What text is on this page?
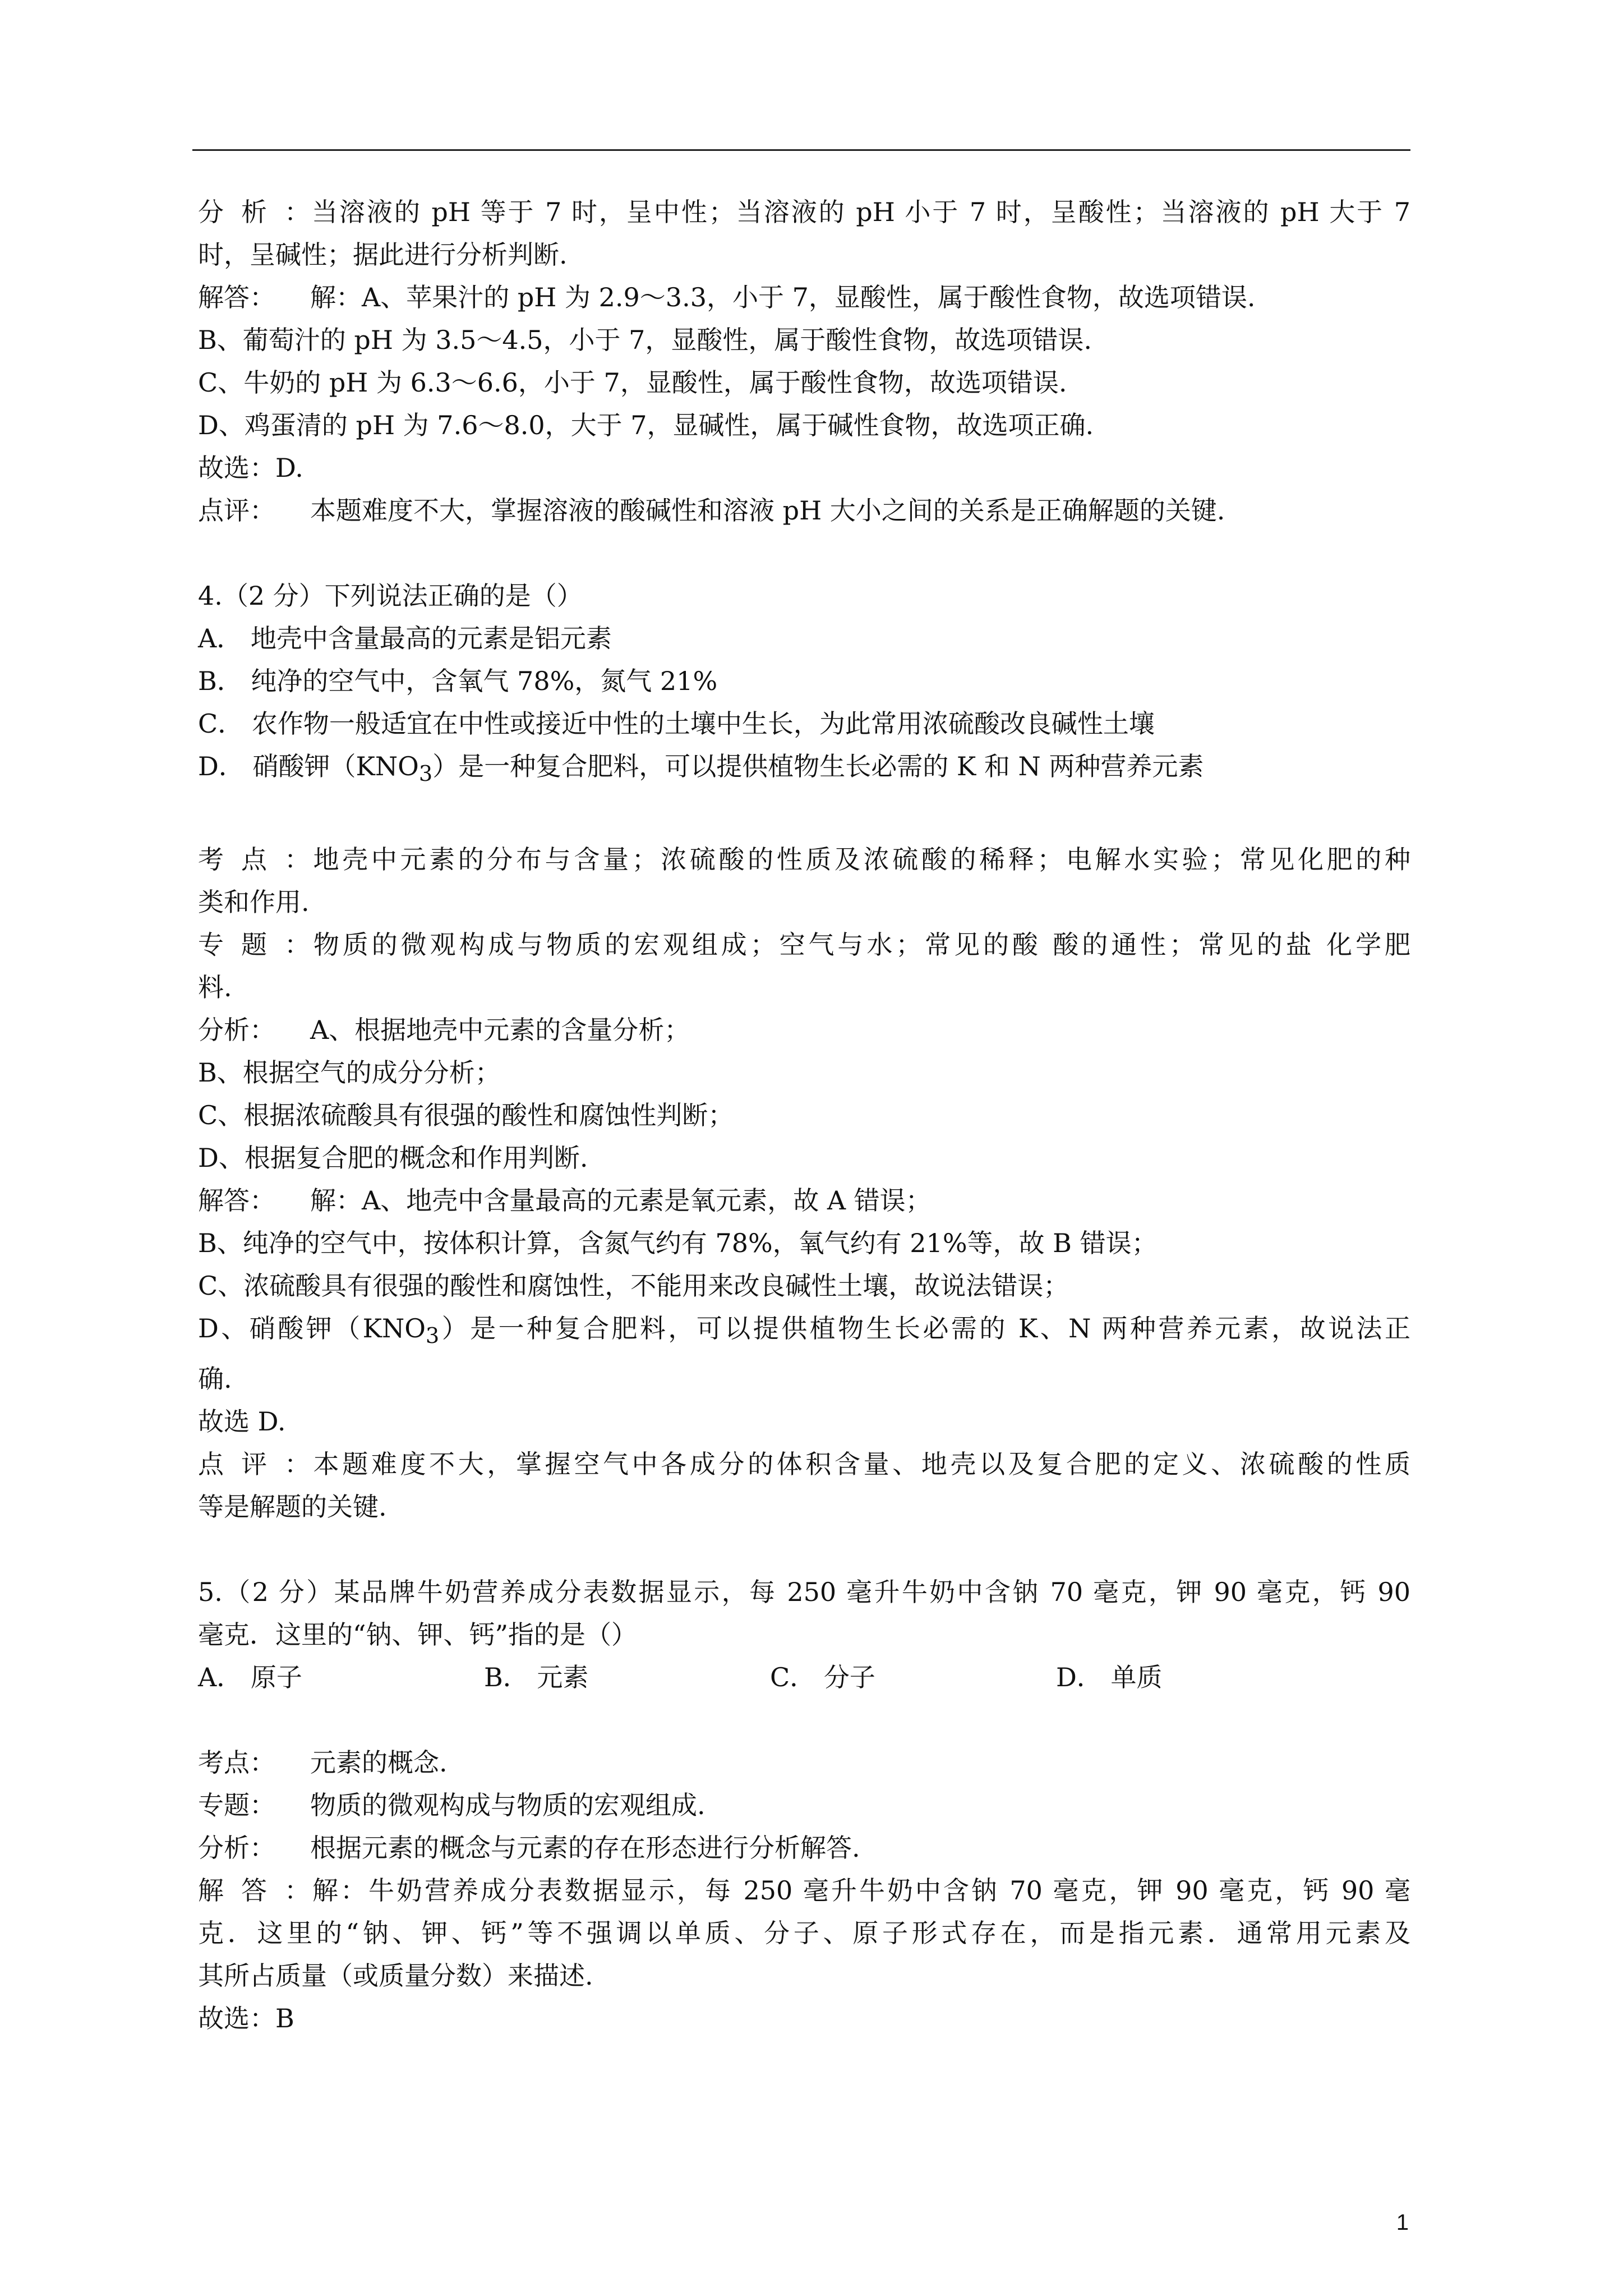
分析：当溶液的 pH 等于 7 时，呈中性；当溶液的 pH 小于 7 时，呈酸性；当溶液的 pH 大于 7
时，呈碱性；据此进行分析判断.
解答： 解：A、苹果汁的 pH 为 2.9～3.3，小于 7，显酸性，属于酸性食物，故选项错误.
B、葡萄汁的 pH 为 3.5～4.5，小于 7，显酸性，属于酸性食物，故选项错误.
C、牛奶的 pH 为 6.3～6.6，小于 7，显酸性，属于酸性食物，故选项错误.
D、鸡蛋清的 pH 为 7.6～8.0，大于 7，显碱性，属于碱性食物，故选项正确.
故选：D.
点评： 本题难度不大，掌握溶液的酸碱性和溶液 pH 大小之间的关系是正确解题的关键.
4.（2 分）下列说法正确的是（）
A． 地壳中含量最高的元素是铝元素
B． 纯净的空气中，含氧气 78%，氮气 21%
C． 农作物一般适宜在中性或接近中性的土壤中生长，为此常用浓硫酸改良碱性土壤
D． 硝酸钾$(KNO_3)$是一种复合肥料，可以提供植物生长必需的 K 和 N 两种营养元素
考点：地壳中元素的分布与含量；浓硫酸的性质及浓硫酸的稀释；电解水实验；常见化肥的种
类和作用.
专题：物质的微观构成与物质的宏观组成；空气与水；常见的酸 酸的通性；常见的盐 化学肥
料.
分析： A、根据地壳中元素的含量分析；
B、根据空气的成分分析；
C、根据浓硫酸具有很强的酸性和腐蚀性判断；
D、根据复合肥的概念和作用判断.
解答： 解：A、地壳中含量最高的元素是氧元素，故 A 错误；
B、纯净的空气中，按体积计算，含氮气约有 78%，氧气约有 21%等，故 B 错误；
C、浓硫酸具有很强的酸性和腐蚀性，不能用来改良碱性土壤，故说法错误；
D、硝酸钾$(KNO_3)$是一种复合肥料，可以提供植物生长必需的 K、N 两种营养元素，故说法正
确.
故选 D.
点评：本题难度不大，掌握空气中各成分的体积含量、地壳以及复合肥的定义、浓硫酸的性质
等是解题的关键.
5.（2 分）某品牌牛奶营养成分表数据显示，每 250 毫升牛奶中含钠 70 毫克，钾 90 毫克，钙 90
毫克．这里的“钠、钾、钙”指的是（）
A． 原子	B． 元素	C． 分子	D． 单质
考点： 元素的概念.
专题： 物质的微观构成与物质的宏观组成.
分析： 根据元素的概念与元素的存在形态进行分析解答.
解答：解：牛奶营养成分表数据显示，每 250 毫升牛奶中含钠 70 毫克，钾 90 毫克，钙 90 毫
克．这里的“钠、钾、钙”等不强调以单质、分子、原子形式存在，而是指元素．通常用元素及
其所占质量（或质量分数）来描述.
故选：B
1
